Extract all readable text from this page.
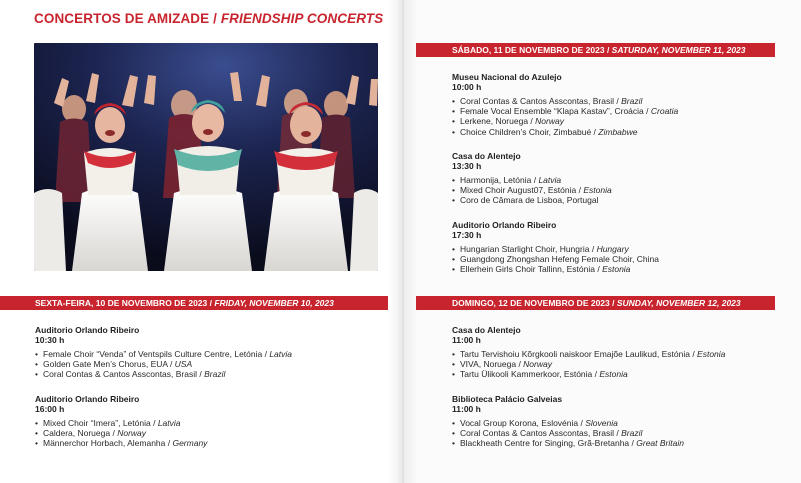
CONCERTOS DE AMIZADE / FRIENDSHIP CONCERTS
SÁBADO, 11 DE NOVEMBRO DE 2023 / SATURDAY, NOVEMBER 11, 2023
Museu Nacional do Azulejo
10:00 h
• Coral Contas & Cantos Asscontas, Brasil / Brazil
• Female Vocal Ensemble “Klapa Kastav”, Croácia / Croatia
• Lerkene, Noruega / Norway
• Choice Children’s Choir, Zimbabué / Zimbabwe
Casa do Alentejo
13:30 h
• Harmonija, Letónia / Latvia
• Mixed Choir August07, Estónia / Estonia
• Coro de Câmara de Lisboa, Portugal
Auditorio Orlando Ribeiro
17:30 h
• Hungarian Starlight Choir, Hungria / Hungary
• Guangdong Zhongshan Hefeng Female Choir, China
• Ellerhein Girls Choir Tallinn, Estónia / Estonia
SEXTA-FEIRA, 10 DE NOVEMBRO DE 2023 / FRIDAY, NOVEMBER 10, 2023
Auditorio Orlando Ribeiro
10:30 h
• Female Choir “Venda” of Ventspils Culture Centre, Letónia / Latvia
• Golden Gate Men’s Chorus, EUA / USA
• Coral Contas & Cantos Asscontas, Brasil / Brazil
Auditorio Orlando Ribeiro
16:00 h
• Mixed Choir “Imera”, Letónia / Latvia
• Caldera, Noruega / Norway
• Männerchor Horbach, Alemanha / Germany
DOMINGO, 12 DE NOVEMBRO DE 2023 / SUNDAY, NOVEMBER 12, 2023
Casa do Alentejo
11:00 h
• Tartu Tervishoiu Kõrgkooli naiskoor Emajõe Laulikud, Estónia / Estonia
• VIVA, Noruega / Norway
• Tartu Ülikooli Kammerkoor, Estónia / Estonia
Biblioteca Palácio Galveias
11:00 h
• Vocal Group Korona, Eslovénia / Slovenia
• Coral Contas & Cantos Asscontas, Brasil / Brazil
• Blackheath Centre for Singing, Grã-Bretanha / Great Britain
